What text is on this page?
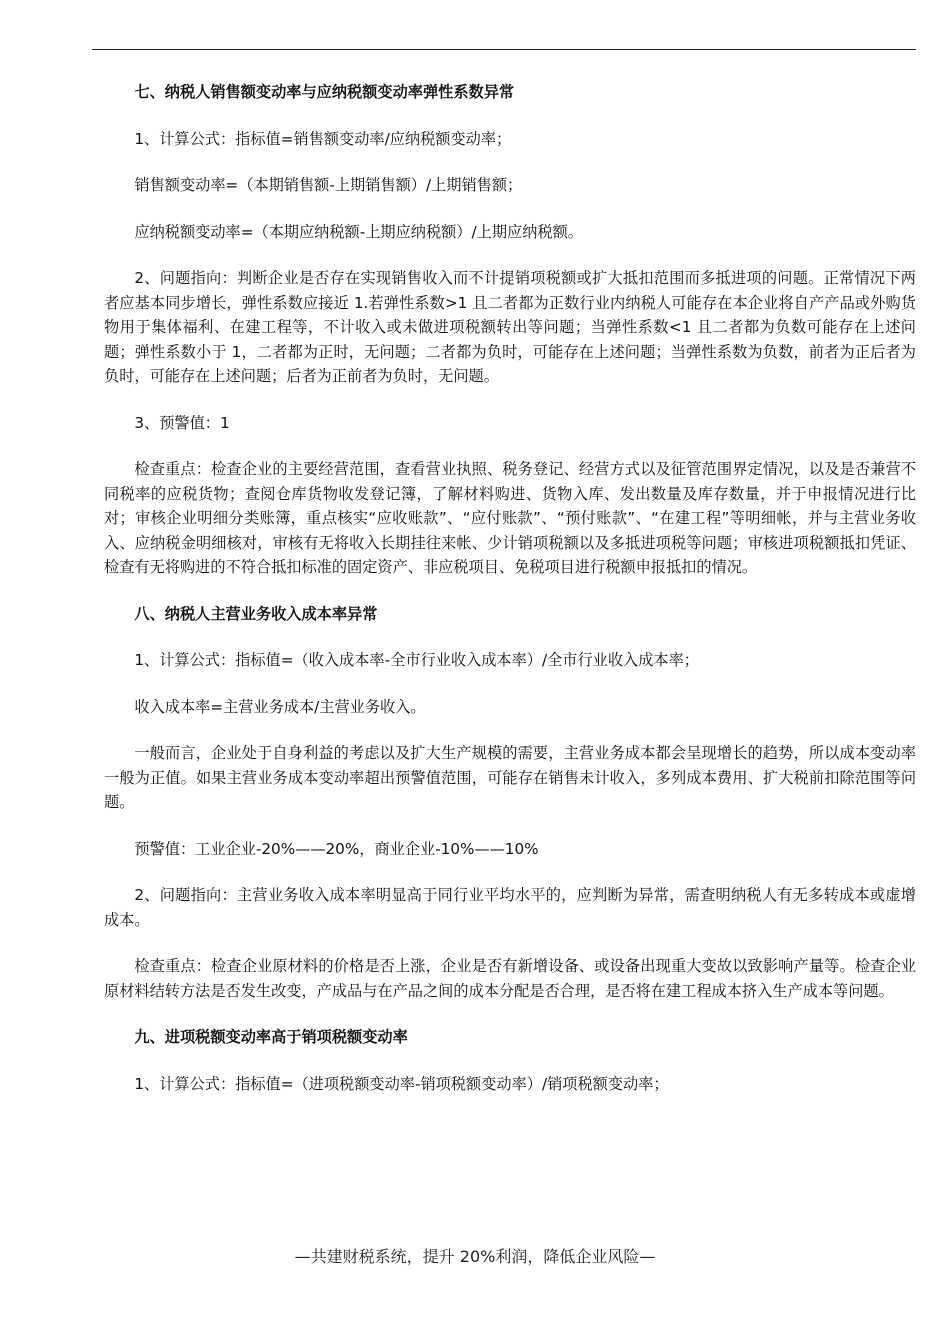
七、纳税人销售额变动率与应纳税额变动率弹性系数异常

1、计算公式：指标值=销售额变动率/应纳税额变动率；

销售额变动率=（本期销售额-上期销售额）/上期销售额；

应纳税额变动率=（本期应纳税额-上期应纳税额）/上期应纳税额。

2、问题指向：判断企业是否存在实现销售收入而不计提销项税额或扩大抵扣范围而多抵进项的问题。正常情况下两者应基本同步增长，弹性系数应接近 1.若弹性系数>1 且二者都为正数行业内纳税人可能存在本企业将自产产品或外购货物用于集体福利、在建工程等，不计收入或未做进项税额转出等问题；当弹性系数<1 且二者都为负数可能存在上述问题；弹性系数小于 1，二者都为正时，无问题；二者都为负时，可能存在上述问题；当弹性系数为负数，前者为正后者为负时，可能存在上述问题；后者为正前者为负时，无问题。

3、预警值：1

检查重点：检查企业的主要经营范围，查看营业执照、税务登记、经营方式以及征管范围界定情况，以及是否兼营不同税率的应税货物；查阅仓库货物收发登记簿，了解材料购进、货物入库、发出数量及库存数量，并于申报情况进行比对；审核企业明细分类账簿，重点核实“应收账款”、“应付账款”、“预付账款”、“在建工程”等明细帐，并与主营业务收入、应纳税金明细核对，审核有无将收入长期挂往来帐、少计销项税额以及多抵进项税等问题；审核进项税额抵扣凭证、检查有无将购进的不符合抵扣标准的固定资产、非应税项目、免税项目进行税额申报抵扣的情况。

八、纳税人主营业务收入成本率异常

1、计算公式：指标值=（收入成本率-全市行业收入成本率）/全市行业收入成本率；

收入成本率=主营业务成本/主营业务收入。

一般而言，企业处于自身利益的考虑以及扩大生产规模的需要，主营业务成本都会呈现增长的趋势，所以成本变动率一般为正值。如果主营业务成本变动率超出预警值范围，可能存在销售未计收入，多列成本费用、扩大税前扣除范围等问题。

预警值：工业企业-20%——20%，商业企业-10%——10%

2、问题指向：主营业务收入成本率明显高于同行业平均水平的，应判断为异常，需查明纳税人有无多转成本或虚增成本。

检查重点：检查企业原材料的价格是否上涨，企业是否有新增设备、或设备出现重大变故以致影响产量等。检查企业原材料结转方法是否发生改变，产成品与在产品之间的成本分配是否合理，是否将在建工程成本挤入生产成本等问题。

九、进项税额变动率高于销项税额变动率

1、计算公式：指标值=（进项税额变动率-销项税额变动率）/销项税额变动率；

—共建财税系统，提升 20%利润，降低企业风险—
